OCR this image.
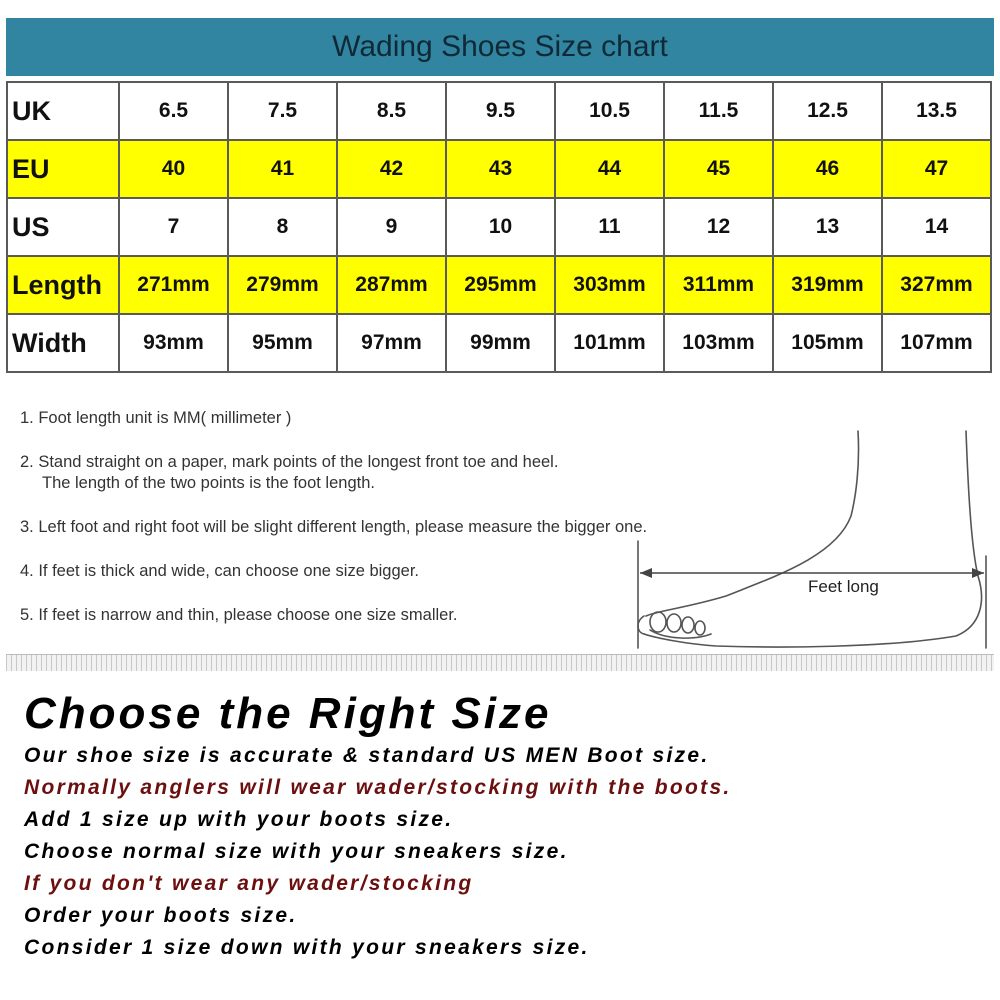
Wading Shoes Size chart
UK	6.5	7.5	8.5	9.5	10.5	11.5	12.5	13.5
EU	40	41	42	43	44	45	46	47
US	7	8	9	10	11	12	13	14
Length	271mm	279mm	287mm	295mm	303mm	311mm	319mm	327mm
Width	93mm	95mm	97mm	99mm	101mm	103mm	105mm	107mm
1. Foot length unit is MM( millimeter )
2. Stand straight on a paper, mark points of the longest front toe and heel.
The length of the two points is the foot length.
3. Left foot and right foot will be slight different length, please measure the bigger one.
4. If feet is thick and wide, can choose one size bigger.
5. If feet is narrow and thin, please choose one size smaller.
Feet long
Choose the Right Size
Our shoe size is accurate & standard US MEN Boot size.
Normally anglers will wear wader/stocking with the boots.
Add 1 size up with your boots size.
Choose normal size with your sneakers size.
If you don't wear any wader/stocking
Order your boots size.
Consider 1 size down with your sneakers size.
